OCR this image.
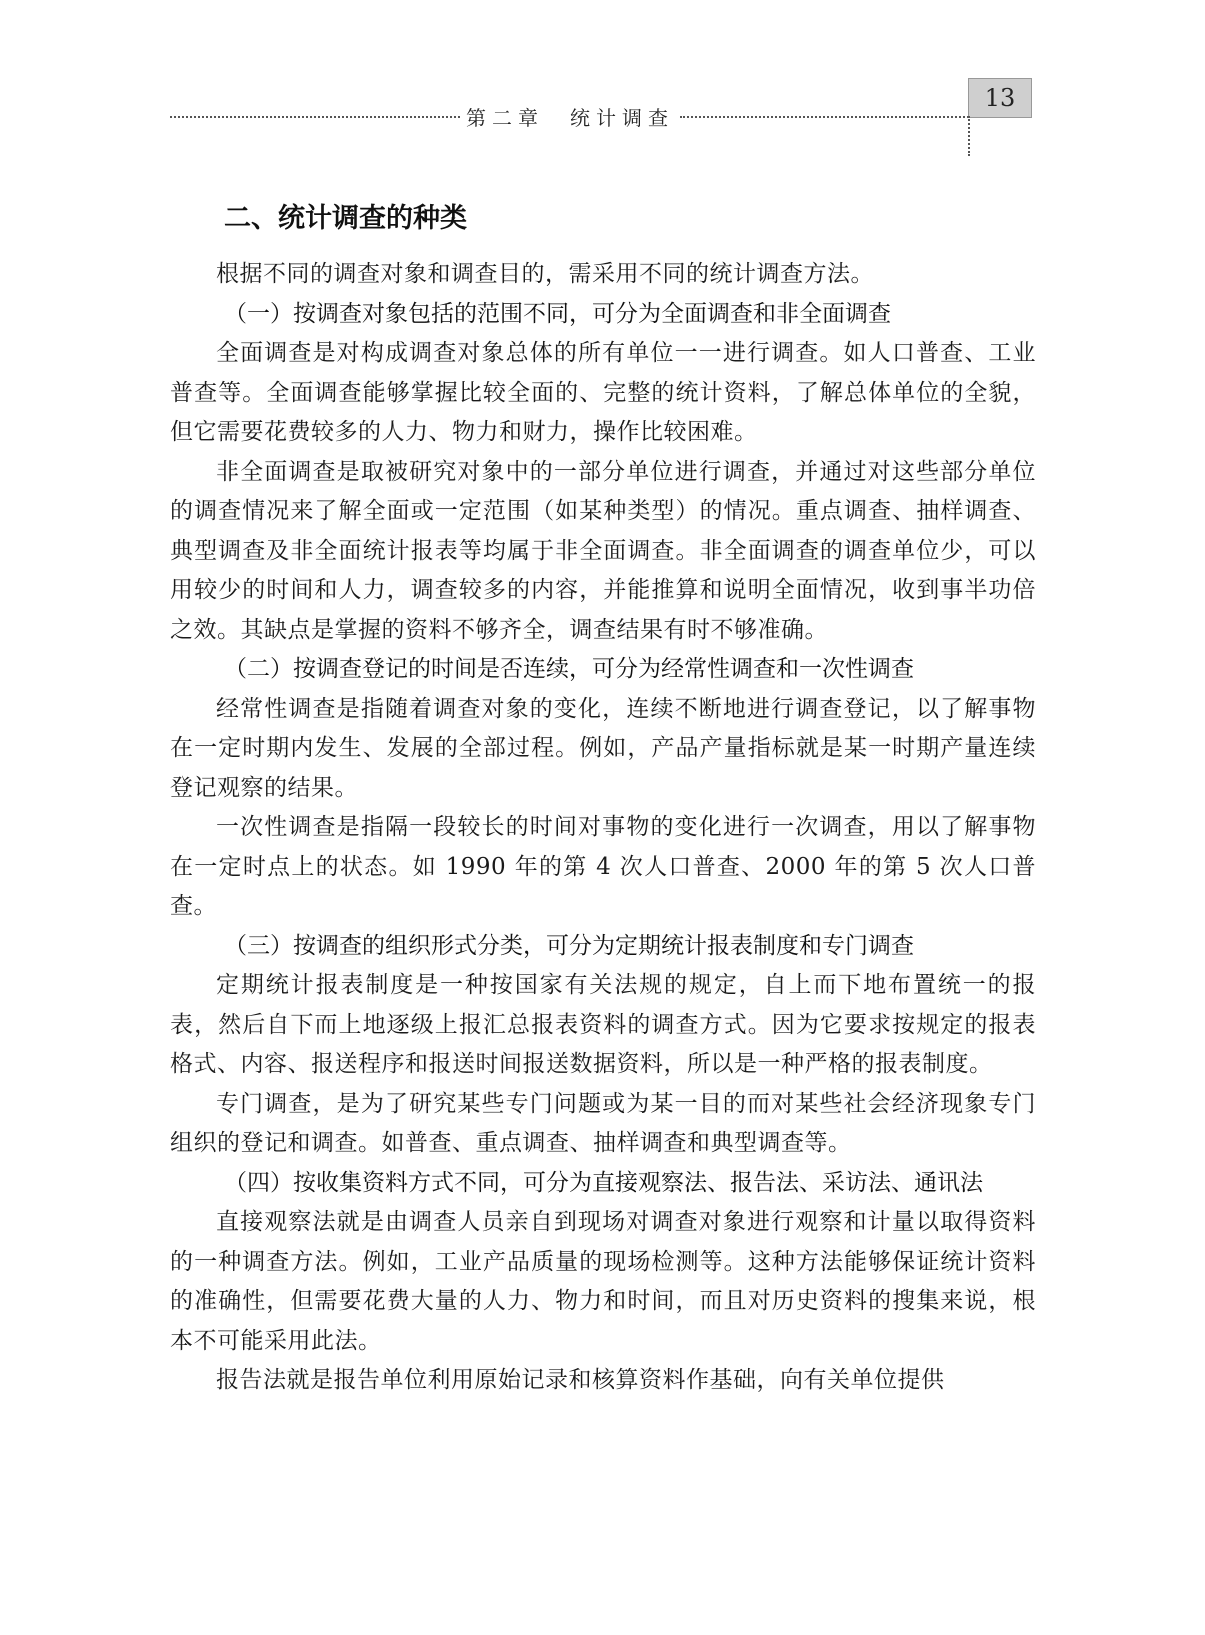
第二章　统计调查
13
二、统计调查的种类

根据不同的调查对象和调查目的，需采用不同的统计调查方法。

（一）按调查对象包括的范围不同，可分为全面调查和非全面调查

全面调查是对构成调查对象总体的所有单位一一进行调查。如人口普查、工业普查等。全面调查能够掌握比较全面的、完整的统计资料，了解总体单位的全貌，但它需要花费较多的人力、物力和财力，操作比较困难。

非全面调查是取被研究对象中的一部分单位进行调查，并通过对这些部分单位的调查情况来了解全面或一定范围（如某种类型）的情况。重点调查、抽样调查、典型调查及非全面统计报表等均属于非全面调查。非全面调查的调查单位少，可以用较少的时间和人力，调查较多的内容，并能推算和说明全面情况，收到事半功倍之效。其缺点是掌握的资料不够齐全，调查结果有时不够准确。

（二）按调查登记的时间是否连续，可分为经常性调查和一次性调查

经常性调查是指随着调查对象的变化，连续不断地进行调查登记，以了解事物在一定时期内发生、发展的全部过程。例如，产品产量指标就是某一时期产量连续登记观察的结果。

一次性调查是指隔一段较长的时间对事物的变化进行一次调查，用以了解事物在一定时点上的状态。如 1990 年的第 4 次人口普查、2000 年的第 5 次人口普查。

（三）按调查的组织形式分类，可分为定期统计报表制度和专门调查

定期统计报表制度是一种按国家有关法规的规定，自上而下地布置统一的报表，然后自下而上地逐级上报汇总报表资料的调查方式。因为它要求按规定的报表格式、内容、报送程序和报送时间报送数据资料，所以是一种严格的报表制度。

专门调查，是为了研究某些专门问题或为某一目的而对某些社会经济现象专门组织的登记和调查。如普查、重点调查、抽样调查和典型调查等。

（四）按收集资料方式不同，可分为直接观察法、报告法、采访法、通讯法

直接观察法就是由调查人员亲自到现场对调查对象进行观察和计量以取得资料的一种调查方法。例如，工业产品质量的现场检测等。这种方法能够保证统计资料的准确性，但需要花费大量的人力、物力和时间，而且对历史资料的搜集来说，根本不可能采用此法。

报告法就是报告单位利用原始记录和核算资料作基础，向有关单位提供
